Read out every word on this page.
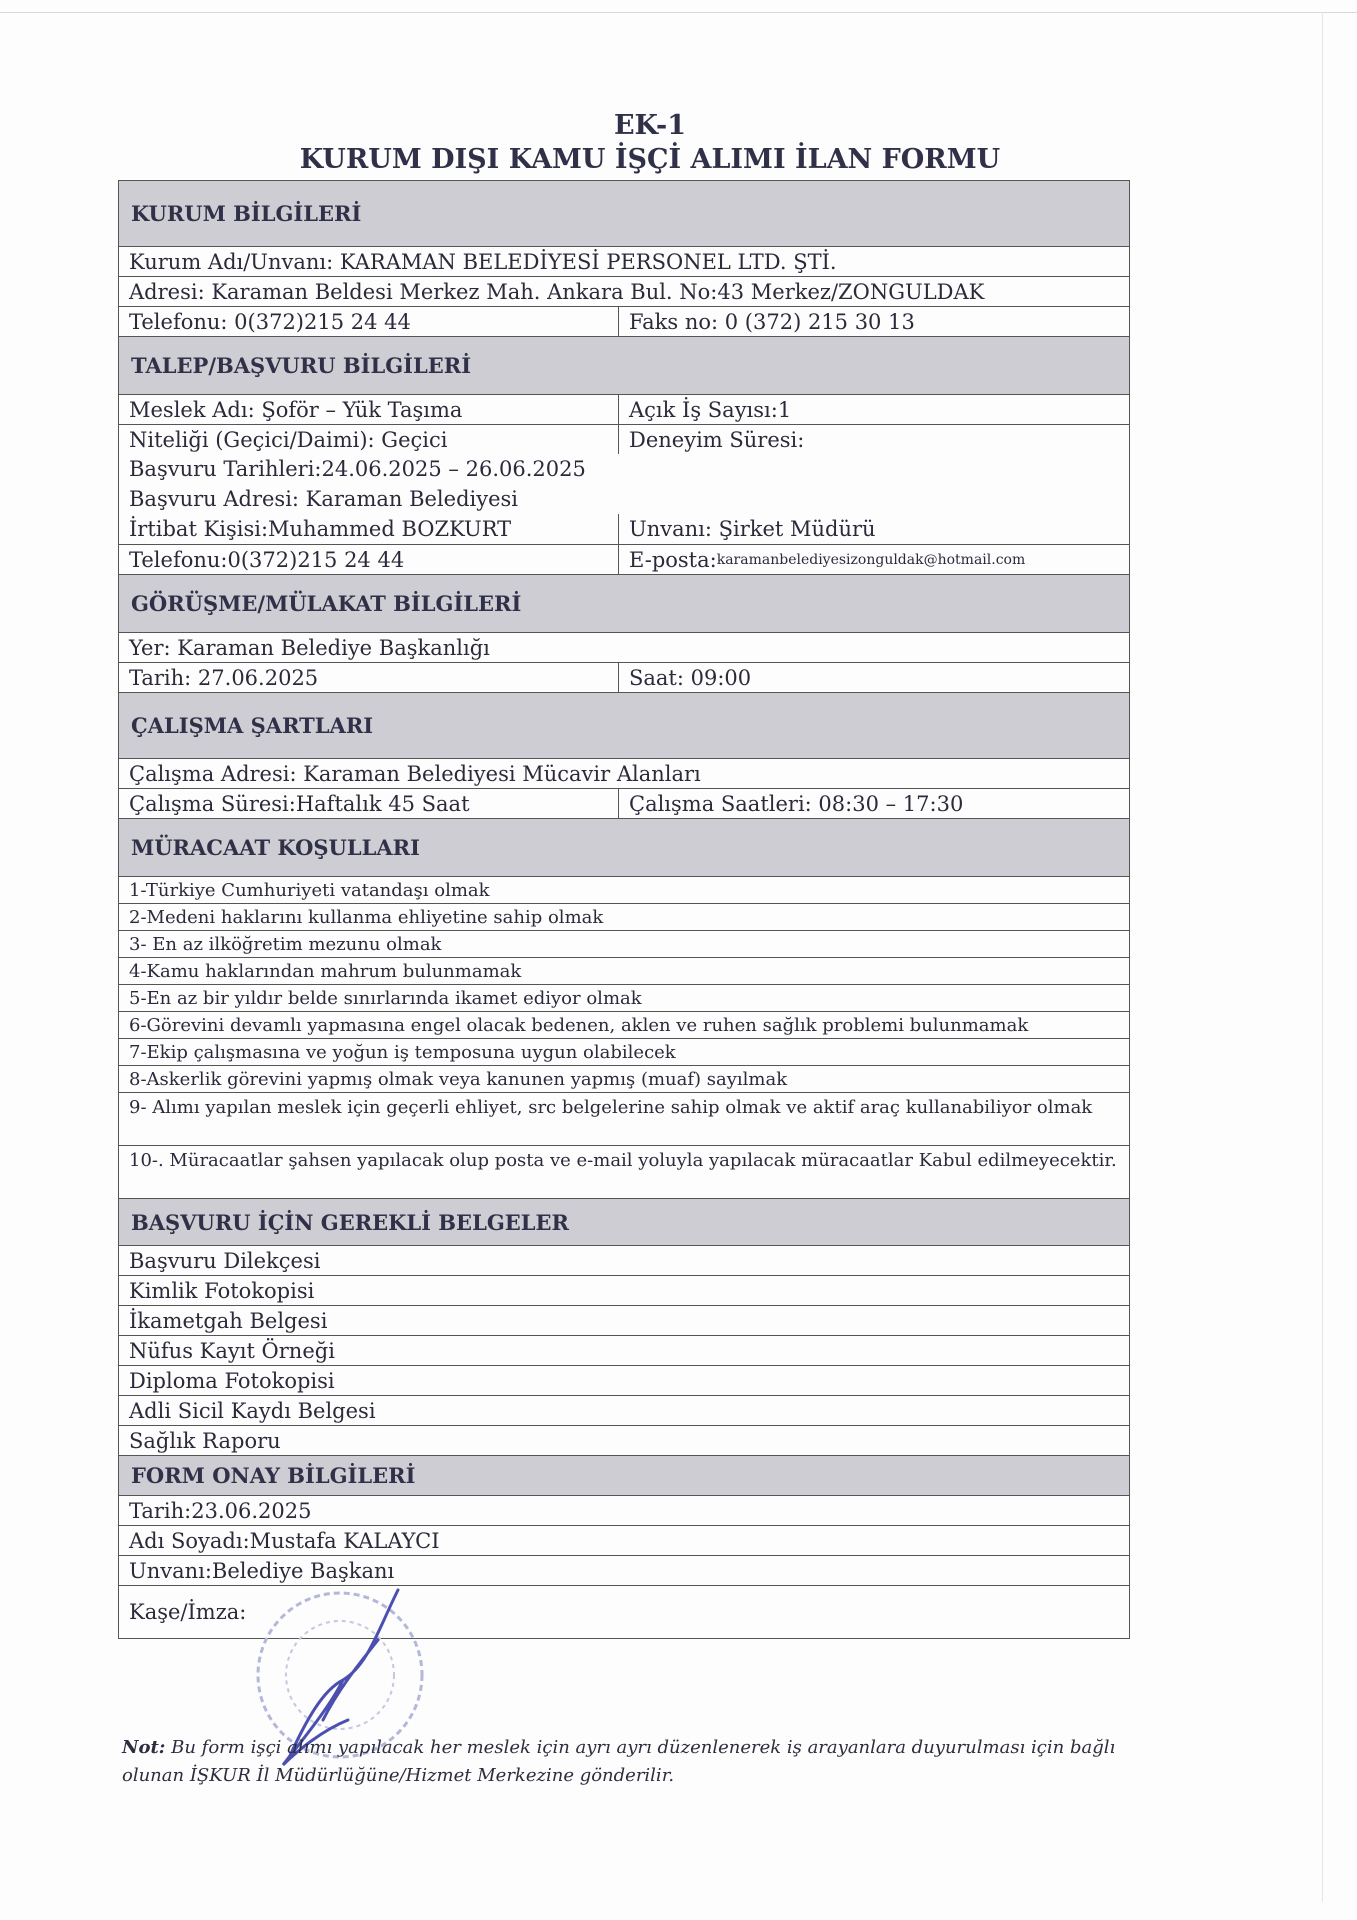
EK-1
KURUM DIŞI KAMU İŞÇİ ALIMI İLAN FORMU
KURUM BİLGİLERİ
Kurum Adı/Unvanı: KARAMAN BELEDİYESİ PERSONEL LTD. ŞTİ.
Adresi: Karaman Beldesi Merkez Mah. Ankara Bul. No:43 Merkez/ZONGULDAK
Telefonu: 0(372)215 24 44	Faks no: 0 (372) 215 30 13
TALEP/BAŞVURU BİLGİLERİ
Meslek Adı: Şoför – Yük Taşıma	Açık İş Sayısı:1
Niteliği (Geçici/Daimi): Geçici	Deneyim Süresi:
Başvuru Tarihleri:24.06.2025 – 26.06.2025
Başvuru Adresi: Karaman Belediyesi
İrtibat Kişisi:Muhammed BOZKURT	Unvanı: Şirket Müdürü
Telefonu:0(372)215 24 44	E-posta: karamanbelediyesizonguldak@hotmail.com
GÖRÜŞME/MÜLAKAT BİLGİLERİ
Yer: Karaman Belediye Başkanlığı
Tarih: 27.06.2025	Saat: 09:00
ÇALIŞMA ŞARTLARI
Çalışma Adresi: Karaman Belediyesi Mücavir Alanları
Çalışma Süresi:Haftalık 45 Saat	Çalışma Saatleri: 08:30 – 17:30
MÜRACAAT KOŞULLARI
1-Türkiye Cumhuriyeti vatandaşı olmak
2-Medeni haklarını kullanma ehliyetine sahip olmak
3- En az ilköğretim mezunu olmak
4-Kamu haklarından mahrum bulunmamak
5-En az bir yıldır belde sınırlarında ikamet ediyor olmak
6-Görevini devamlı yapmasına engel olacak bedenen, aklen ve ruhen sağlık problemi bulunmamak
7-Ekip çalışmasına ve yoğun iş temposuna uygun olabilecek
8-Askerlik görevini yapmış olmak veya kanunen yapmış (muaf) sayılmak
9- Alımı yapılan meslek için geçerli ehliyet, src belgelerine sahip olmak ve aktif araç kullanabiliyor olmak
10-. Müracaatlar şahsen yapılacak olup posta ve e-mail yoluyla yapılacak müracaatlar Kabul edilmeyecektir.
BAŞVURU İÇİN GEREKLİ BELGELER
Başvuru Dilekçesi
Kimlik Fotokopisi
İkametgah Belgesi
Nüfus Kayıt Örneği
Diploma Fotokopisi
Adli Sicil Kaydı Belgesi
Sağlık Raporu
FORM ONAY BİLGİLERİ
Tarih:23.06.2025
Adı Soyadı:Mustafa KALAYCI
Unvanı:Belediye Başkanı
Kaşe/İmza:
Not: Bu form işçi alımı yapılacak her meslek için ayrı ayrı düzenlenerek iş arayanlara duyurulması için bağlı olunan İŞKUR İl Müdürlüğüne/Hizmet Merkezine gönderilir.
